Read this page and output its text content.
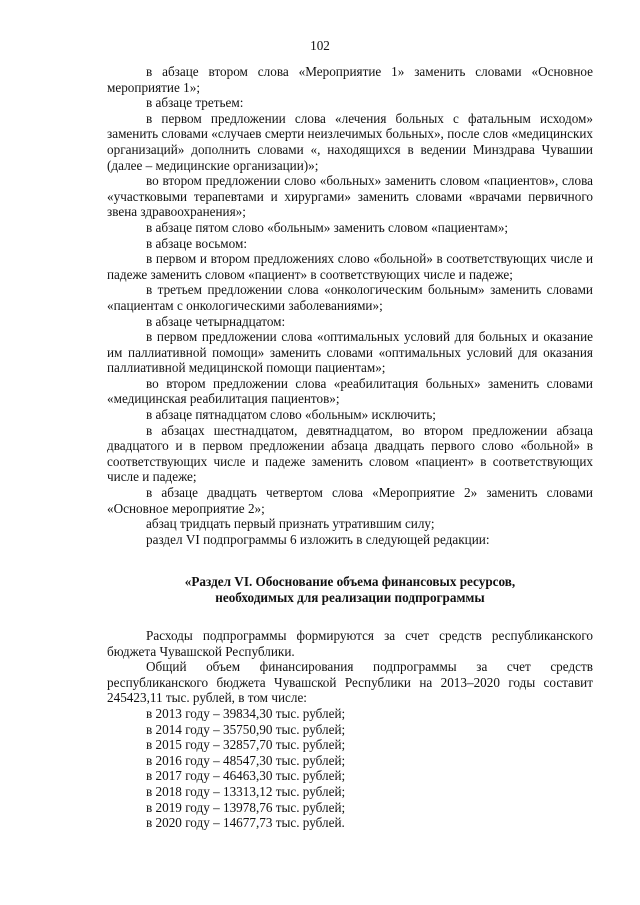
102

в абзаце втором слова «Мероприятие 1» заменить словами «Основное мероприятие 1»;

в абзаце третьем:

в первом предложении слова «лечения больных с фатальным исходом» заменить словами «случаев смерти неизлечимых больных», после слов «медицинских организаций» дополнить словами «, находящихся в ведении Минздрава Чувашии (далее – медицинские организации)»;

во втором предложении слово «больных» заменить словом «пациентов», слова «участковыми терапевтами и хирургами» заменить словами «врачами первичного звена здравоохранения»;

в абзаце пятом слово «больным» заменить словом «пациентам»;

в абзаце восьмом:

в первом и втором предложениях слово «больной» в соответствующих числе и падеже заменить словом «пациент» в соответствующих числе и падеже;

в третьем предложении слова «онкологическим больным» заменить словами «пациентам с онкологическими заболеваниями»;

в абзаце четырнадцатом:

в первом предложении слова «оптимальных условий для больных и оказание им паллиативной помощи» заменить словами «оптимальных условий для оказания паллиативной медицинской помощи пациентам»;

во втором предложении слова «реабилитация больных» заменить словами «медицинская реабилитация пациентов»;

в абзаце пятнадцатом слово «больным» исключить;

в абзацах шестнадцатом, девятнадцатом, во втором предложении абзаца двадцатого и в первом предложении абзаца двадцать первого слово «больной» в соответствующих числе и падеже заменить словом «пациент» в соответствующих числе и падеже;

в абзаце двадцать четвертом слова «Мероприятие 2» заменить словами «Основное мероприятие 2»;

абзац тридцать первый признать утратившим силу;

раздел VI подпрограммы 6 изложить в следующей редакции:

«Раздел VI. Обоснование объема финансовых ресурсов,
необходимых для реализации подпрограммы

Расходы подпрограммы формируются за счет средств республиканского бюджета Чувашской Республики.

Общий объем финансирования подпрограммы за счет средств республиканского бюджета Чувашской Республики на 2013–2020 годы составит 245423,11 тыс. рублей, в том числе:

в 2013 году – 39834,30 тыс. рублей;
в 2014 году – 35750,90 тыс. рублей;
в 2015 году – 32857,70 тыс. рублей;
в 2016 году – 48547,30 тыс. рублей;
в 2017 году – 46463,30 тыс. рублей;
в 2018 году – 13313,12 тыс. рублей;
в 2019 году – 13978,76 тыс. рублей;
в 2020 году – 14677,73 тыс. рублей.
